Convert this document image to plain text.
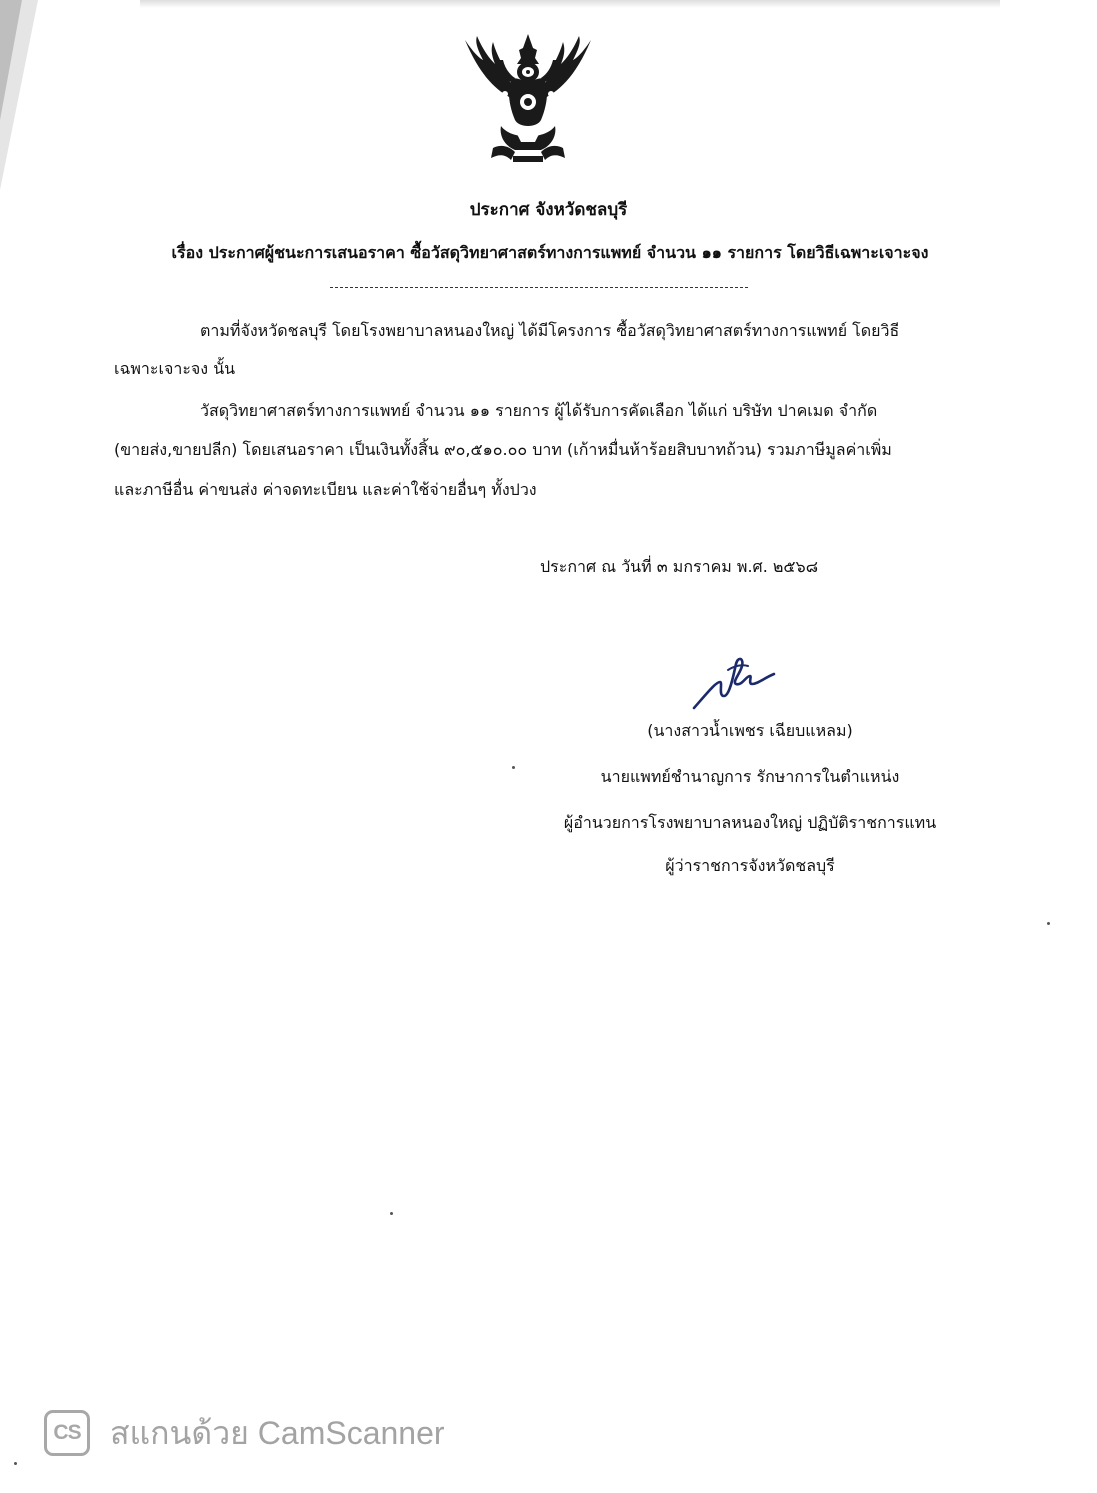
ประกาศ จังหวัดชลบุรี
เรื่อง ประกาศผู้ชนะการเสนอราคา ซื้อวัสดุวิทยาศาสตร์ทางการแพทย์ จำนวน ๑๑ รายการ โดยวิธีเฉพาะเจาะจง
ตามที่จังหวัดชลบุรี โดยโรงพยาบาลหนองใหญ่ ได้มีโครงการ ซื้อวัสดุวิทยาศาสตร์ทางการแพทย์ โดยวิธี
เฉพาะเจาะจง นั้น
วัสดุวิทยาศาสตร์ทางการแพทย์ จำนวน ๑๑ รายการ ผู้ได้รับการคัดเลือก ได้แก่ บริษัท ปาคเมด จำกัด
(ขายส่ง,ขายปลีก) โดยเสนอราคา เป็นเงินทั้งสิ้น ๙๐,๕๑๐.๐๐ บาท (เก้าหมื่นห้าร้อยสิบบาทถ้วน) รวมภาษีมูลค่าเพิ่ม
และภาษีอื่น ค่าขนส่ง ค่าจดทะเบียน และค่าใช้จ่ายอื่นๆ ทั้งปวง
ประกาศ ณ วันที่ ๓ มกราคม พ.ศ. ๒๕๖๘
(นางสาวน้ำเพชร เฉียบแหลม)
นายแพทย์ชำนาญการ รักษาการในตำแหน่ง
ผู้อำนวยการโรงพยาบาลหนองใหญ่ ปฏิบัติราชการแทน
ผู้ว่าราชการจังหวัดชลบุรี
CS สแกนด้วย CamScanner
